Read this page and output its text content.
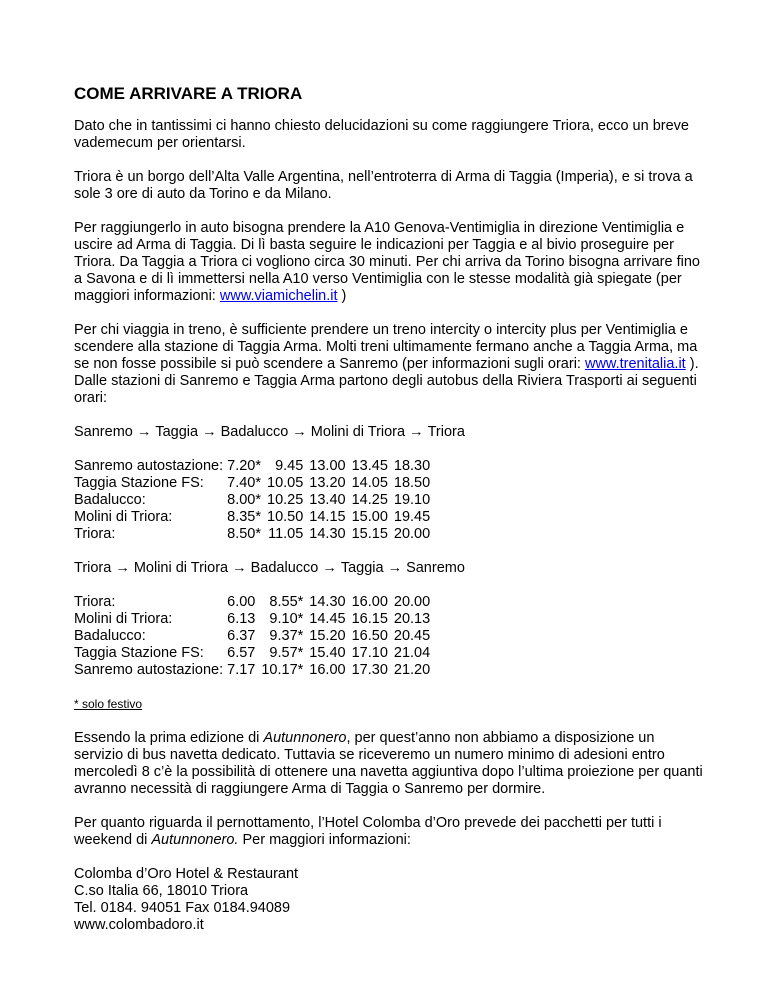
COME ARRIVARE A TRIORA

Dato che in tantissimi ci hanno chiesto delucidazioni su come raggiungere Triora, ecco un breve vademecum per orientarsi.

Triora è un borgo dell’Alta Valle Argentina, nell’entroterra di Arma di Taggia (Imperia), e si trova a sole 3 ore di auto da Torino e da Milano.

Per raggiungerlo in auto bisogna prendere la A10 Genova-Ventimiglia in direzione Ventimiglia e uscire ad Arma di Taggia. Di lì basta seguire le indicazioni per Taggia e al bivio proseguire per Triora. Da Taggia a Triora ci vogliono circa 30 minuti. Per chi arriva da Torino bisogna arrivare fino a Savona e di lì immettersi nella A10 verso Ventimiglia con le stesse modalità già spiegate (per maggiori informazioni: www.viamichelin.it )

Per chi viaggia in treno, è sufficiente prendere un treno intercity o intercity plus per Ventimiglia e scendere alla stazione di Taggia Arma. Molti treni ultimamente fermano anche a Taggia Arma, ma se non fosse possibile si può scendere a Sanremo (per informazioni sugli orari: www.trenitalia.it ). Dalle stazioni di Sanremo e Taggia Arma partono degli autobus della Riviera Trasporti ai seguenti orari:

Sanremo → Taggia → Badalucco → Molini di Triora → Triora
Sanremo autostazione:	7.20*	9.45	13.00	13.45	18.30
Taggia Stazione FS:	7.40*	10.05	13.20	14.05	18.50
Badalucco:	8.00*	10.25	13.40	14.25	19.10
Molini di Triora:	8.35*	10.50	14.15	15.00	19.45
Triora:	8.50*	11.05	14.30	15.15	20.00
Triora → Molini di Triora → Badalucco → Taggia → Sanremo
Triora:	6.00	8.55*	14.30	16.00	20.00
Molini di Triora:	6.13	9.10*	14.45	16.15	20.13
Badalucco:	6.37	9.37*	15.20	16.50	20.45
Taggia Stazione FS:	6.57	9.57*	15.40	17.10	21.04
Sanremo autostazione:	7.17	10.17*	16.00	17.30	21.20
* solo festivo

Essendo la prima edizione di Autunnonero, per quest’anno non abbiamo a disposizione un servizio di bus navetta dedicato. Tuttavia se riceveremo un numero minimo di adesioni entro mercoledì 8 c’è la possibilità di ottenere una navetta aggiuntiva dopo l’ultima proiezione per quanti avranno necessità di raggiungere Arma di Taggia o Sanremo per dormire.

Per quanto riguarda il pernottamento, l’Hotel Colomba d’Oro prevede dei pacchetti per tutti i weekend di Autunnonero. Per maggiori informazioni:

Colomba d’Oro Hotel & Restaurant
C.so Italia 66, 18010 Triora
Tel. 0184. 94051 Fax 0184.94089
www.colombadoro.it
